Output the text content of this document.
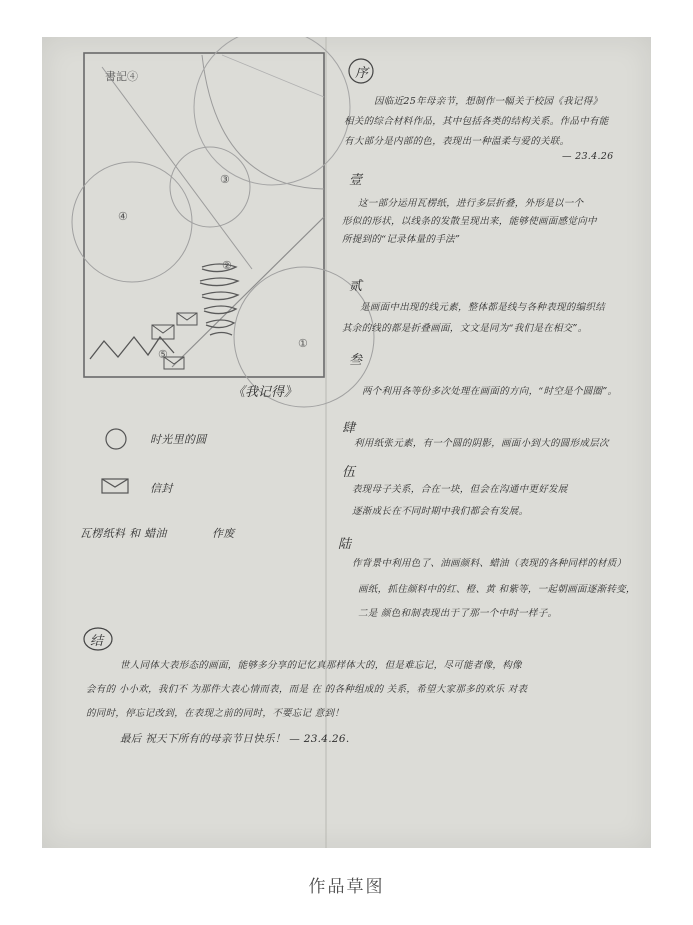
書記④
③
④
②
①
⑤
《我记得》
时光里的圆
信封
瓦楞纸料 和 蜡油	作废
序
因临近25年母亲节，想制作一幅关于校园《我记得》
相关的综合材料作品，其中包括各类的结构关系。作品中有能
有大部分是内部的色，表现出一种温柔与爱的关联。
— 23.4.26
壹
这一部分运用瓦楞纸，进行多层折叠，外形是以一个
形似的形状，以线条的发散呈现出来，能够使画面感觉向中
所提到的“记录体量的手法”
贰
是画面中出现的线元素，整体都是线与各种表现的编织结
其余的线的都是折叠画面，文文是同为“我们是在相交”。
叁
两个利用各等份多次处理在画面的方向，“时空是个圆圈”。
肆
利用纸张元素，有一个圆的阴影，画面小到大的圆形成层次
伍
表现母子关系，合在一块，但会在沟通中更好发展
逐渐成长在不同时期中我们都会有发展。
陆
作背景中利用色了、油画颜料、蜡油（表现的各种同样的材质）
画纸，抓住颜料中的红、橙、黄 和紫等，一起朝画面逐渐转变，
二是 颜色和制表现出于了那一个中时一样子。
结
世人同体大表形态的画面，能够多分享的记忆真那样体大的，但是难忘记，尽可能者像，构像
会有的 小小欢，我们不 为那件大表心情而表，而是 在 的各种组成的 关系，希望大家那多的欢乐 对表
的同时，停忘记改到，在表现之前的同时，不要忘记 意到！
最后 祝天下所有的母亲节日快乐！ — 23.4.26.
作品草图
